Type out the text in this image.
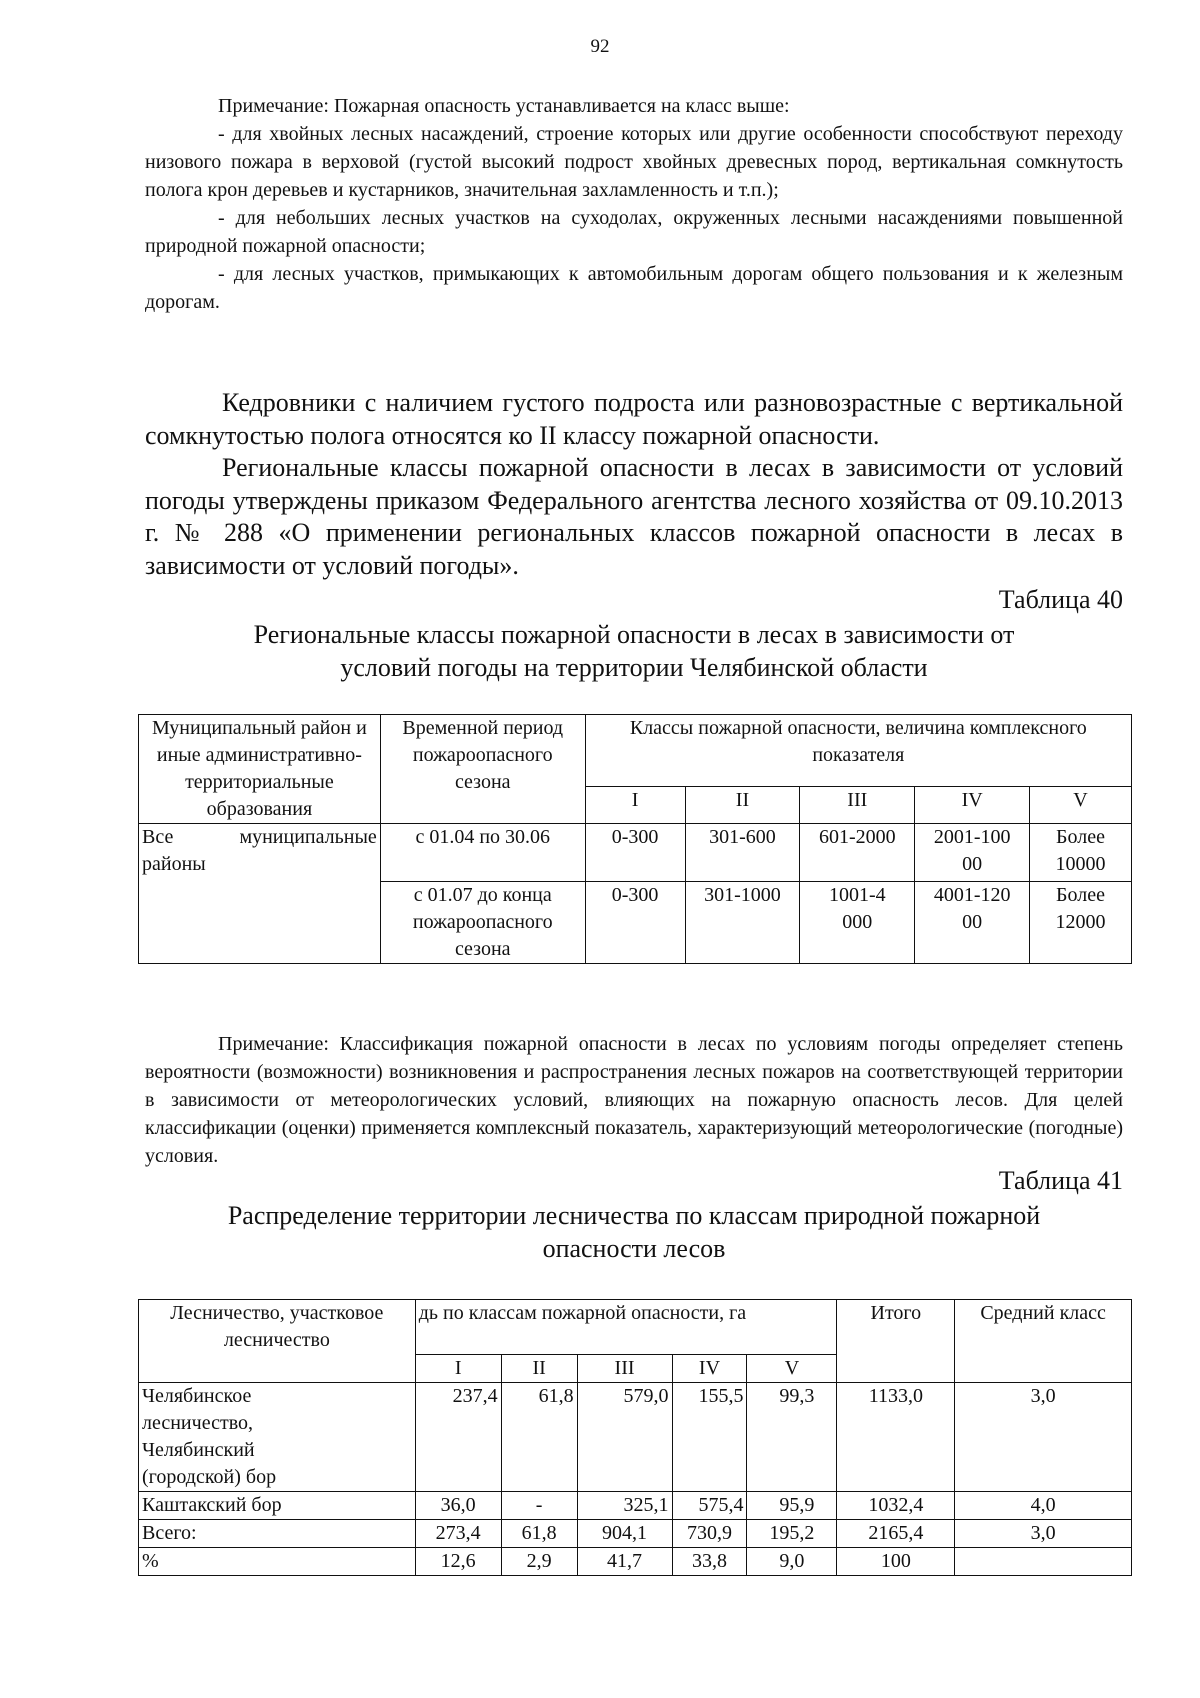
92

Примечание: Пожарная опасность устанавливается на класс выше:

- для хвойных лесных насаждений, строение которых или другие особенности способствуют переходу низового пожара в верховой (густой высокий подрост хвойных древесных пород, вертикальная сомкнутость полога крон деревьев и кустарников, значительная захламленность и т.п.);

- для небольших лесных участков на суходолах, окруженных лесными насаждениями повышенной природной пожарной опасности;

- для лесных участков, примыкающих к автомобильным дорогам общего пользования и к железным дорогам.

Кедровники с наличием густого подроста или разновозрастные с вертикальной сомкнутостью полога относятся ко II классу пожарной опасности.

Региональные классы пожарной опасности в лесах в зависимости от условий погоды утверждены приказом Федерального агентства лесного хозяйства от 09.10.2013 г. № 288 «О применении региональных классов пожарной опасности в лесах в зависимости от условий погоды».

Таблица 40
Региональные классы пожарной опасности в лесах в зависимости от
условий погоды на территории Челябинской области
Муниципальный район и иные административно-территориальные образования	Временной период пожароопасного сезона	Классы пожарной опасности, величина комплексного показателя				
		I	II	III	IV	V
Все муниципальные районы	с 01.04 по 30.06	0-300	301-600	601-2000	2001-10000	Более 10000
	с 01.07 до конца пожароопасного сезона	0-300	301-1000	1001-4000	4001-12000	Более 12000

Примечание: Классификация пожарной опасности в лесах по условиям погоды определяет степень вероятности (возможности) возникновения и распространения лесных пожаров на соответствующей территории в зависимости от метеорологических условий, влияющих на пожарную опасность лесов. Для целей классификации (оценки) применяется комплексный показатель, характеризующий метеорологические (погодные) условия.

Таблица 41
Распределение территории лесничества по классам природной пожарной
опасности лесов
Лесничество, участковое лесничество	дь по классам пожарной опасности, га					Итого	Средний класс
	I	II	III	IV	V		
Челябинское лесничество, Челябинский (городской) бор	237,4	61,8	579,0	155,5	99,3	1133,0	3,0
Каштакский бор	36,0	-	325,1	575,4	95,9	1032,4	4,0
Всего:	273,4	61,8	904,1	730,9	195,2	2165,4	3,0
%	12,6	2,9	41,7	33,8	9,0	100	
